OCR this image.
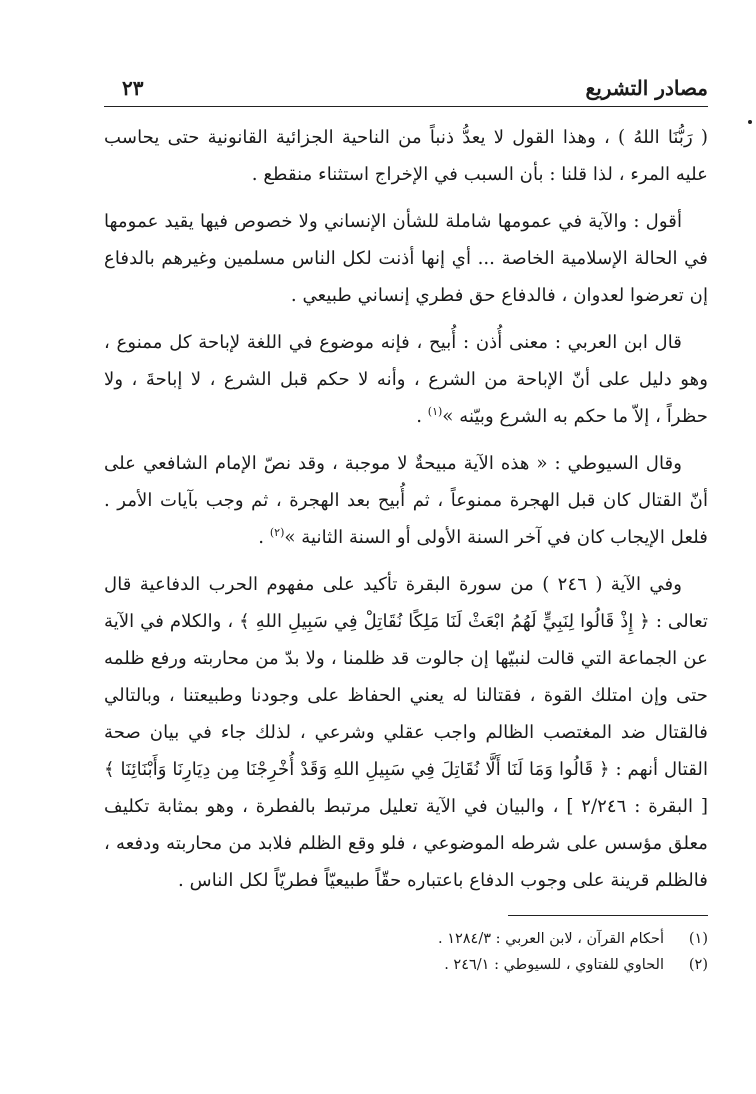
مصادر التشريع
٢٣

( رَبُّنَا اللهُ ) ، وهذا القول لا يعدُّ ذنباً من الناحية الجزائية القانونية حتى يحاسب عليه المرء ، لذا قلنا : بأن السبب في الإخراج استثناء منقطع .

أقول : والآية في عمومها شاملة للشأن الإنساني ولا خصوص فيها يقيد عمومها في الحالة الإسلامية الخاصة ... أي إنها أذنت لكل الناس مسلمين وغيرهم بالدفاع إن تعرضوا لعدوان ، فالدفاع حق فطري إنساني طبيعي .

قال ابن العربي : معنى أُذن : أُبيح ، فإنه موضوع في اللغة لإباحة كل ممنوع ، وهو دليل على أنّ الإباحة من الشرع ، وأنه لا حكم قبل الشرع ، لا إباحةَ ، ولا حظراً ، إلاّ ما حكم به الشرع وبيّنه »$^{(١)}$ .

وقال السيوطي : « هذه الآية مبيحةٌ لا موجبة ، وقد نصّ الإمام الشافعي على أنّ القتال كان قبل الهجرة ممنوعاً ، ثم أُبيح بعد الهجرة ، ثم وجب بآيات الأمر . فلعل الإيجاب كان في آخر السنة الأولى أو السنة الثانية »$^{(٢)}$ .

وفي الآية ( ٢٤٦ ) من سورة البقرة تأكيد على مفهوم الحرب الدفاعية قال تعالى : ﴿ إِذْ قَالُوا لِنَبِيٍّ لَهُمُ ابْعَثْ لَنَا مَلِكًا نُقَاتِلْ فِي سَبِيلِ اللهِ ﴾ ، والكلام في الآية عن الجماعة التي قالت لنبيّها إن جالوت قد ظلمنا ، ولا بدّ من محاربته ورفع ظلمه حتى وإن امتلك القوة ، فقتالنا له يعني الحفاظ على وجودنا وطبيعتنا ، وبالتالي فالقتال ضد المغتصب الظالم واجب عقلي وشرعي ، لذلك جاء في بيان صحة القتال أنهم : ﴿ قَالُوا وَمَا لَنَا أَلَّا نُقَاتِلَ فِي سَبِيلِ اللهِ وَقَدْ أُخْرِجْنَا مِن دِيَارِنَا وَأَبْنَائِنَا ﴾ [ البقرة : ٢/٢٤٦ ] ، والبيان في الآية تعليل مرتبط بالفطرة ، وهو بمثابة تكليف معلق مؤسس على شرطه الموضوعي ، فلو وقع الظلم فلابد من محاربته ودفعه ، فالظلم قرينة على وجوب الدفاع باعتباره حقّاً طبيعيّاً فطريّاً لكل الناس .

(١)
أحكام القرآن ، لابن العربي : ١٢٨٤/٣ .
(٢)
الحاوي للفتاوي ، للسيوطي : ٢٤٦/١ .
